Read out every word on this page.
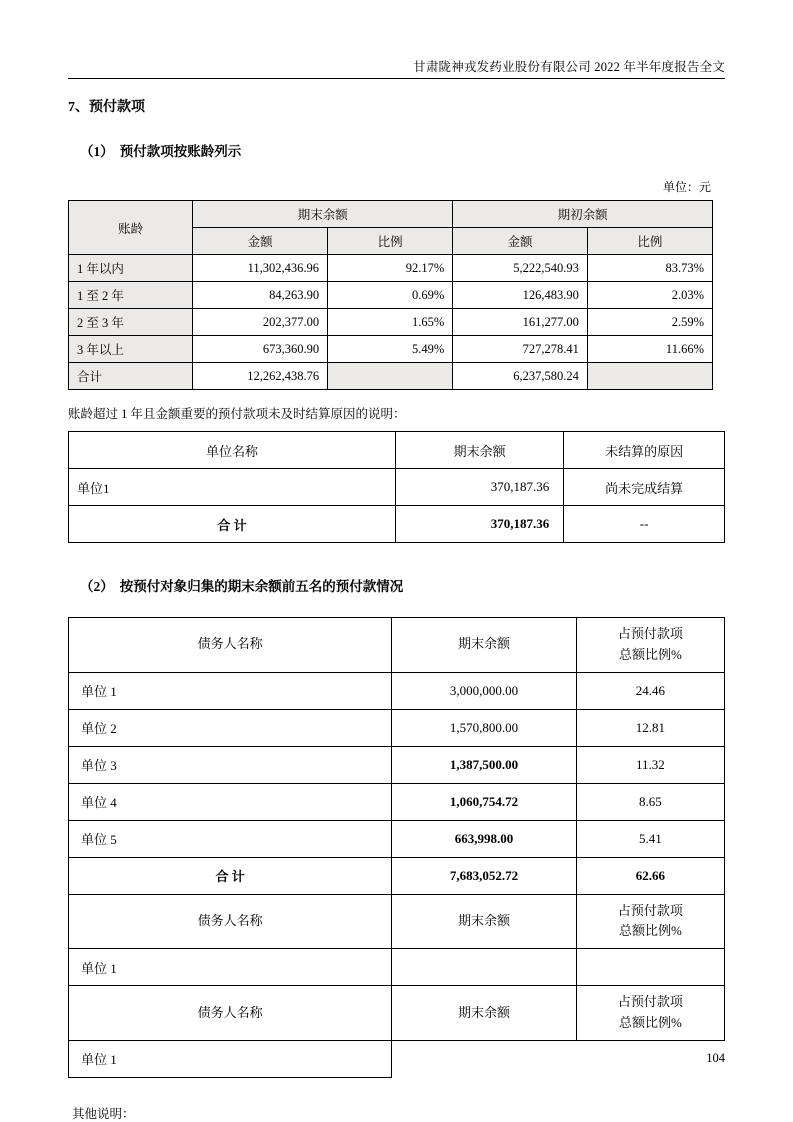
甘肃陇神戎发药业股份有限公司 2022 年半年度报告全文
7、预付款项
（1） 预付款项按账龄列示
单位：元
账龄	期末余额		期初余额	
	金额	比例	金额	比例
1 年以内	11,302,436.96	92.17%	5,222,540.93	83.73%
1 至 2 年	84,263.90	0.69%	126,483.90	2.03%
2 至 3 年	202,377.00	1.65%	161,277.00	2.59%
3 年以上	673,360.90	5.49%	727,278.41	11.66%
合计	12,262,438.76		6,237,580.24	
账龄超过 1 年且金额重要的预付款项未及时结算原因的说明：
单位名称	期末余额	未结算的原因
单位1	370,187.36	尚未完成结算
合 计	370,187.36	--
（2） 按预付对象归集的期末余额前五名的预付款情况
债务人名称	期末余额	占预付款项
总额比例%

单位 1	3,000,000.00	24.46
单位 2	1,570,800.00	12.81
单位 3	1,387,500.00	11.32
单位 4	1,060,754.72	8.65
单位 5	663,998.00	5.41
合 计	7,683,052.72	62.66
债务人名称	期末余额	占预付款项
总额比例%

单位 1		
债务人名称	期末余额	占预付款项
总额比例%

单位 1		
其他说明：
104
